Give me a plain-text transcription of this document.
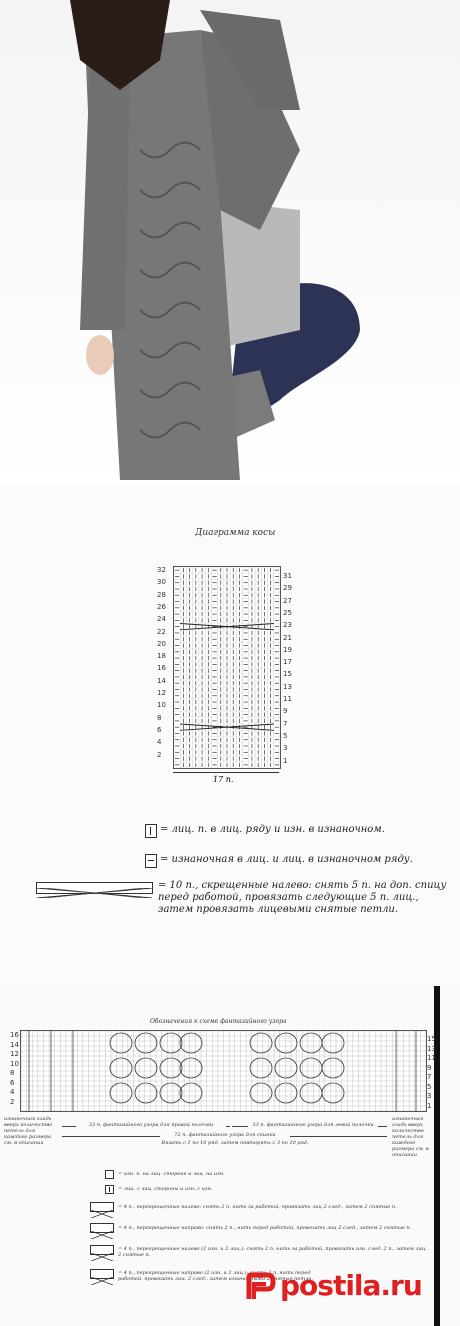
Диаграмма косы
32
30
28
26
24
22
20
18
16
14
12
10
8
6
4
2
31
29
27
25
23
21
19
17
15
13
11
9
7
5
3
1
17 п.
= лиц. п. в лиц. ряду и изн. в изнаночном.
= изнаночная в лиц. и лиц. в изнаночном ряду.
= 10 п., скрещенные налево: снять 5 п. на доп. спицу перед работой, провязать следующие 5 п. лиц., затем провязать лицевыми снятые петли.
Обозначения к схеме фантазийного узора
16
14
12
10
8
6
4
2
15
13
11
9
7
5
3
1
изнаночная гладь вверх количество петель для каждого размера см. в описании
изнаночная гладь вверх количество петель для каждого размера см. в описании
33 п. фантазийного узора для правой полочки	33 п. фантазийного узора для левой полочки
72 п. фантазийного узора для спинки
Вязать с 1 по 10 ряд, затем повторять с 3 по 10 ряд.
= изн. п. на лиц. стороне и лиц. на изн.
= лиц. с лиц. стороны и изн. с изн.
= 4 п., перекрещенные налево: снять 2 п. нить за работой, провязать лиц 2 след., затем 2 снятые п.
= 4 п., перекрещенные направо: снять 2 п., нить перед работой, провязать лиц 2 след., затем 2 снятые п.
= 4 п., перекрещенные налево (2 изн. и 2 лиц.): снять 2 п. нить за работой, провязать изн. след. 2 п., затем лиц. 2 снятые п.
= 4 п., перекрещенные направо (2 изн. и 2 лиц.): снять 2 п. нить перед работой, провязать лиц. 2 след., затем изнаночными 2 снятые петли.
postila.ru
